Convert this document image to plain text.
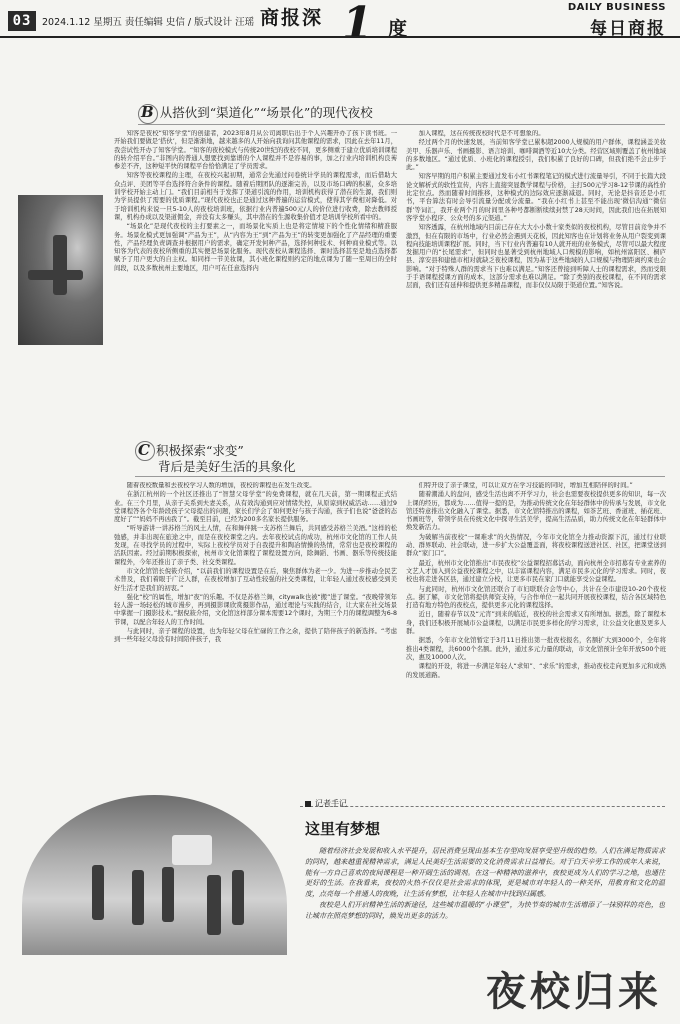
03	2024.1.12 星期五 责任编辑 史信 / 版式设计 汪瑶 商报深 1 度
DAILY BUSINESS
每日商报
B 从搭伙到“渠道化”“场景化”的现代夜校

知客是夜校“知客学堂”的创建者，2023年8月从公司离职后出于个人兴趣开办了孩下读书班。一开始我们要做是‘搭伙’，但是渐渐地，越来越多的人开始向我询问其他课程的需求，因此在去年11月，我尝试性开办了知客学堂。“知客的夜校模式与传统20世纪的夜校不同，更多侧重于建立优质培训课程的转介绍平台。”非图内的普通人想要找到靠谱的个人课程并不是容易的事，加之行业内培训机构良莠参差不齐，这种短平快的课程平台恰恰满足了学员需求。

知客等夜校课程的主理，在夜校兴起初期，通常会先通过问卷统计学员的课程需求，而后借助大众点评、美团等平台选择符合条件的课程。随着后期团队的逐渐完善，以及市场口碑的积累，众多培训学校开始主动上门。“我们目前相当于发挥了渠道引流的作用，培训机构获得了潜在的生源，我们则为学员提供了需要的优质课程。”现代夜校也正是通过这种普遍的运营模式，使得其学费相对降低。对于培训机构来说一旦5-10人的夜校培训班，依据行业内普遍500元/人的价位进行收费，除去教师授课，机构办成以及渠道佣金，并没有太多赚头，其中潜在的生源收集价值才是培训学校所看中的。

“场景化”是现代夜校的主打要素之一，而场景化实质上也是将定情境下的个性化情绪和精准服务。场景化模式更加强调“产品为王”，从“内容为王”到“产品为王”的转变更加强化了产品经理的重要性，产品经理负责调查并根据用户的需求，确定开发何种产品，选择何种技术、何种商业模式等。以知客为代表的夜校所侧重的其实便是场景化服务。现代夜校从课程选择、课时选择甚至是地点选择都赋予了用户更大的自主权。如同样一节美妆课，其小班化课程则约定的地点课为了随一至周日的全时间段，以及多数杭州主要地区，用户可在任意选择内

加入课程，这在传统夜校时代是不可想象的。

经过两个月的快速发展，当前知客学堂已累积超2000人规模的用户群体，课程涵盖美妆美甲、乐器声乐、书画摄影、语言培训、咖啡调酒等近10大分类。经营区域则覆盖了杭州地域的多数地区。“通过优质、小班化的课程授引，我们积累了良好的口碑，但我们绝不会止步于此。”

知客早期的用户积累主要通过发布小红书课程笔记的模式进行流量导引，不同于长篇大段论文解析式的软性宣传，内容上直接突显教学课程与价格，主打500元学习8-12节课的高性价比定位点。然而随着时间推移，这种模式的边际效应逐渐减退。同时，无论是抖音还是小红书，平台算法有时会导引流量分配或分流量。“我在小红书上甚至不能出现‘微信沟通’‘微信群’等词汇，我开业两个月的时间里各种号都断断续续封禁了28天时间，因此我们也在拓展知客学堂小程序、公众号的多元渠道。”

知客透露，在杭州地域内目前已存在大大小小数十家类似的夜校机构，尽管目前竞争并不激烈，但在有限的市场中，行业必然会遇到天花板，因此知客也在计划将业务从用户裂变到课程向技能培训课程扩展。同时，当下行业内普遍有10人就开班的业务模式，尽管可以最大程度发掘用户的“长尾需求”，但同时也显著受到杭州地域人口规模的影响，如杭州富阳区、桐庐县、淳安县和建德市相对就缺乏夜校课程，因为基于这些地域的人口规模与物理距离约束也会影响。“对于特殊人群的需求当下也难以满足。”知客还曾接到听障人士的课程需求，然而受限于手语课程授课方面的成本，这部分需求也难以满足。“除了类别的夜校课程，在不同的需求层面，我们还有延伸和提供更多精品课程，而非仅仅局限于渠道位置。”知客说。

C 积极探索“求变”
背后是美好生活的具象化

随着夜校数量和去夜校学习人数的增加，夜校的课程也在发生改变。

在浙江杭州的一个社区还推出了“智慧父母学堂”的免费课程，就在几天前，第一期课程正式结业。在三个月里，从亲子关系到夫妻关系，从有效沟通到应对情绪失控，从原谅到权威活动……通过9堂课程答各个年龄段孩子父母提出的问题，家长们学会了如何更好与孩子沟通，孩子们也说“爸爸的态度好了”“妈妈不再凶我了”。截至目前，已经为200多名家长提供服务。

“听导游讲一讲苏格兰的风土人情，在和舞伴跳一支苏格兰舞后，共同感受苏格兰美酒。”这样的松弛感，并非出现在旅途之中，而是在夜校课堂之内。去年夜校试点的成功，杭州市文化馆的工作人员发现，在寻找学员的过程中，实际上夜校学员对于自我提升和陶冶情操的热情，常常也是夜校课程的活跃因素。经过前期积极探索，杭州市文化馆课程了课程设置方向，除舞蹈、书画、器乐等传统技能课程外，今年还推出了亲子类、社交类课程。

市文化馆馆长倪筱介绍，“以前我们的课程设置是在后，聚焦群体为老一少。为进一步推动全民艺术普及，我们着眼于广泛人群，在夜校增加了互动性较强的社交类课程，让年轻人通过夜校感受到美好生活才是我们的初衷。”

强化“校”的属性，增加“夜”的乐趣。不仅是苏格兰舞，citywalk也被“搬”进了课堂。“夜晚带领年轻人游一场轻松的城市漫步，再到摄影课欣赏摄影作品，通过理论与实践的结合，让大家在社交场景中掌握一门摄影技术。”据倪筱介绍，文化馆这样部分课本需要12个课时，为期三个月的课程调整为6-8节课，以配合年轻人的工作时间。

与此同时，亲子课程的设置，也为年轻父母在忙碌的工作之余，提供了陪伴孩子的新选择。“考虑到一些年轻父母没有时间陪伴孩子，我

们特开设了亲子课堂，可以让双方在学习技能的同时，增加互相陪伴的时间。”

随着潮涌人的盘问，感受生活也离不开学习力，社会也需要夜校提供更多的知识，每一次上课的经历，都成为……值得一提的是，为推动传统文化在年轻群体中的传承与发展，市文化馆还特意推出文化融入了课堂。据悉，市文化馆特推出的课程，如茶艺班、香道班、插花班、书画班等，带领学员在传统文化中探寻生活美学，提高生活品质，助力传统文化在年轻群体中焕发新活力。

为破解当前夜校“一课难求”的火热情况，今年市文化馆全力推动资源下沉，通过行业联动、群界联动、社会联动，进一步扩大公益覆盖面，将夜校课程送进社区、社区，把课堂送到群众“家门口”。

最近，杭州市文化馆推出“市民夜校”公益课程招募活动，面向杭州全市招募有专业素养的文艺人才加入到公益夜校课程之中，以丰富课程内容，满足市民多元化的学习需求。同时，夜校也将走进各区县，通过建立分校，让更多市民在家门口就能享受公益课程。

与此同时，杭州市文化馆还联合了市妇联联合会等中心，共计在全市建设10-20个夜校点。据了解，市文化馆将提供师资支持，与合作单位一起共同开展夜校课程，结合各区域特色打造有地方特色的夜校点，提供更多元化的课程选择。

近日，随着春节以及“元宵”到来的临近，夜校的社会需求又有所增加。据悉，除了课程本身，我们还积极开展城市公益课程，以满足市民更多样化的学习需求，让公益文化惠及更多人群。

据悉，今年市文化馆暂定于3月11日推出第一批夜校报名，名额扩大到3000个，全年将推出4类课程，共6000个名额。此外，通过多元力量的联动，市文化馆预计全年开放500个班次，惠及10000人次。

课程的开设，将进一步满足年轻人“求知”、“求乐”的需求，推动夜校走向更加多元和成熟的发展道路。

记者手记
这里有梦想

随着经济社会发展和收入水平提升，居民消费呈现由基本生存型向发展享受型升级的趋势。人们在满足物质需求的同时，越来越重视精神需求，满足人民美好生活需要的文化消费需求日益增长。对于白天辛劳工作的成年人来说，能有一方自己喜欢的夜间课程是一种开阔生活的调剂。在这一种精神的滋养中，夜校更成为人们的学习之地，也通往更好的生活。在我看来，夜校的火热不仅仅是社会需求的体现，更是城市对年轻人的一种关怀，用教育和文化的温度，点亮每一个普通人的夜晚，让生活有梦想，让年轻人在城市中找到归属感。

夜校是人们开启精神生活的新途径，这些城市温暖的“小课堂”，为快节奏的城市生活增添了一抹别样的亮色，也让城市在照亮梦想的同时，焕发出更多的活力。

夜校归来
